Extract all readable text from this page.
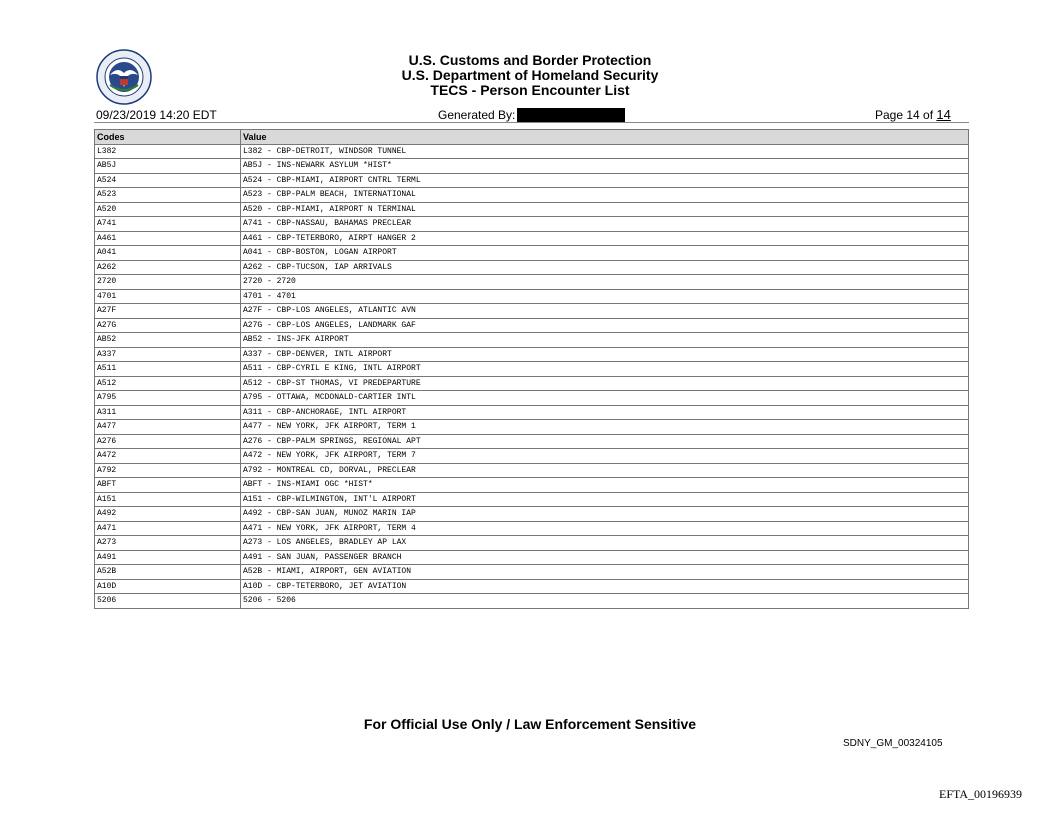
U.S. Customs and Border Protection
U.S. Department of Homeland Security
TECS - Person Encounter List
09/23/2019 14:20 EDT	Generated By:	Page 14 of 14
Codes	Value
L382	L382 - CBP-DETROIT, WINDSOR TUNNEL
AB5J	AB5J - INS-NEWARK ASYLUM *HIST*
A524	A524 - CBP-MIAMI, AIRPORT CNTRL TERML
A523	A523 - CBP-PALM BEACH, INTERNATIONAL
A520	A520 - CBP-MIAMI, AIRPORT N TERMINAL
A741	A741 - CBP-NASSAU, BAHAMAS PRECLEAR
A461	A461 - CBP-TETERBORO, AIRPT HANGER 2
A041	A041 - CBP-BOSTON, LOGAN AIRPORT
A262	A262 - CBP-TUCSON, IAP ARRIVALS
2720	2720 - 2720
4701	4701 - 4701
A27F	A27F - CBP-LOS ANGELES, ATLANTIC AVN
A27G	A27G - CBP-LOS ANGELES, LANDMARK GAF
AB52	AB52 - INS-JFK AIRPORT
A337	A337 - CBP-DENVER, INTL AIRPORT
A511	A511 - CBP-CYRIL E KING, INTL AIRPORT
A512	A512 - CBP-ST THOMAS, VI PREDEPARTURE
A795	A795 - OTTAWA, MCDONALD-CARTIER INTL
A311	A311 - CBP-ANCHORAGE, INTL AIRPORT
A477	A477 - NEW YORK, JFK AIRPORT, TERM 1
A276	A276 - CBP-PALM SPRINGS, REGIONAL APT
A472	A472 - NEW YORK, JFK AIRPORT, TERM 7
A792	A792 - MONTREAL CD, DORVAL, PRECLEAR
ABFT	ABFT - INS-MIAMI OGC *HIST*
A151	A151 - CBP-WILMINGTON, INT'L AIRPORT
A492	A492 - CBP-SAN JUAN, MUNOZ MARIN IAP
A471	A471 - NEW YORK, JFK AIRPORT, TERM 4
A273	A273 - LOS ANGELES, BRADLEY AP LAX
A491	A491 - SAN JUAN, PASSENGER BRANCH
A52B	A52B - MIAMI, AIRPORT, GEN AVIATION
A10D	A10D - CBP-TETERBORO, JET AVIATION
5206	5206 - 5206
For Official Use Only / Law Enforcement Sensitive
SDNY_GM_00324105
EFTA_00196939
